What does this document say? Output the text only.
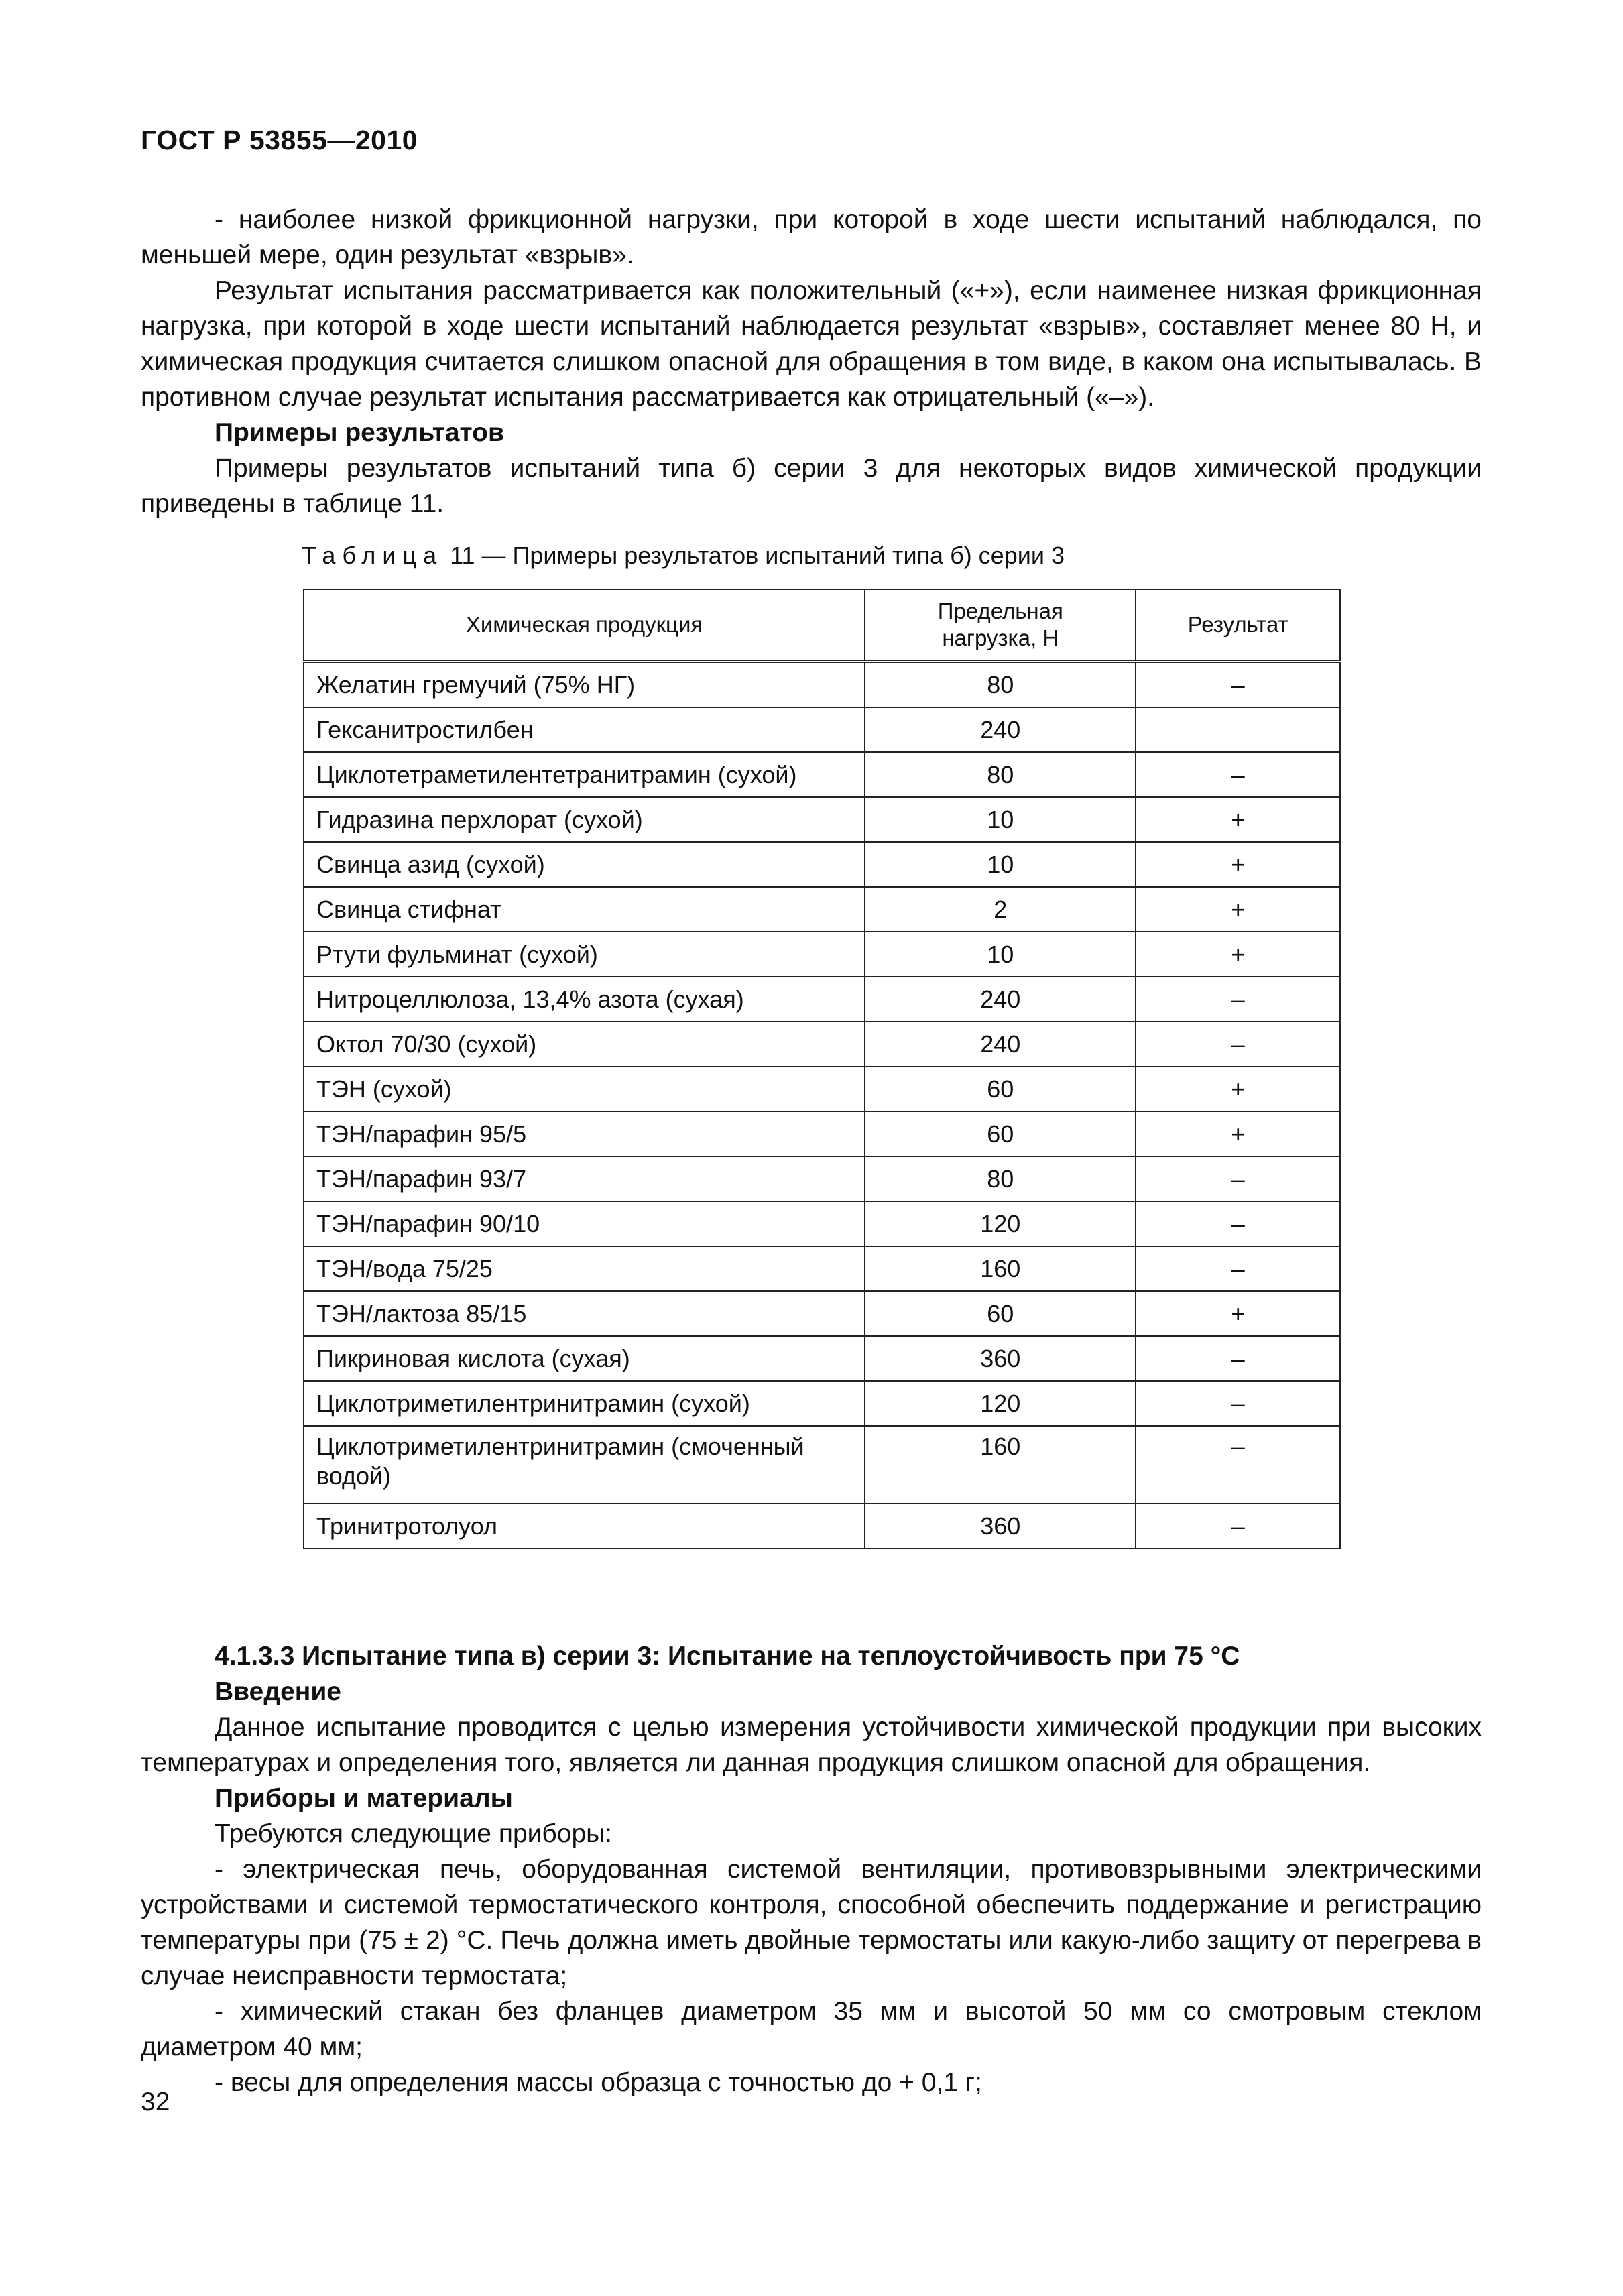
ГОСТ Р 53855—2010

- наиболее низкой фрикционной нагрузки, при которой в ходе шести испытаний наблюдался, по меньшей мере, один результат «взрыв».

Результат испытания рассматривается как положительный («+»), если наименее низкая фрикционная нагрузка, при которой в ходе шести испытаний наблюдается результат «взрыв», составляет менее 80 Н, и химическая продукция считается слишком опасной для обращения в том виде, в каком она испытывалась. В противном случае результат испытания рассматривается как отрицательный («–»).

Примеры результатов

Примеры результатов испытаний типа б) серии 3 для некоторых видов химической продукции приведены в таблице 11.

Таблица 11 — Примеры результатов испытаний типа б) серии 3
Химическая продукция	Предельная нагрузка, Н	Результат
Желатин гремучий (75% НГ)	80	–
Гексанитростилбен	240	
Циклотетраметилентетранитрамин (сухой)	80	–
Гидразина перхлорат (сухой)	10	+
Свинца азид (сухой)	10	+
Свинца стифнат	2	+
Ртути фульминат (сухой)	10	+
Нитроцеллюлоза, 13,4% азота (сухая)	240	–
Октол 70/30 (сухой)	240	–
ТЭН (сухой)	60	+
ТЭН/парафин 95/5	60	+
ТЭН/парафин 93/7	80	–
ТЭН/парафин 90/10	120	–
ТЭН/вода 75/25	160	–
ТЭН/лактоза 85/15	60	+
Пикриновая кислота (сухая)	360	–
Циклотриметилентринитрамин (сухой)	120	–
Циклотриметилентринитрамин (смоченный водой)	160	–
Тринитротолуол	360	–

4.1.3.3 Испытание типа в) серии 3: Испытание на теплоустойчивость при 75 °С

Введение

Данное испытание проводится с целью измерения устойчивости химической продукции при высоких температурах и определения того, является ли данная продукция слишком опасной для обращения.

Приборы и материалы

Требуются следующие приборы:

- электрическая печь, оборудованная системой вентиляции, противовзрывными электрическими устройствами и системой термостатического контроля, способной обеспечить поддержание и регистрацию температуры при (75 ± 2) °С. Печь должна иметь двойные термостаты или какую-либо защиту от перегрева в случае неисправности термостата;

- химический стакан без фланцев диаметром 35 мм и высотой 50 мм со смотровым стеклом диаметром 40 мм;

- весы для определения массы образца с точностью до + 0,1 г;

32
